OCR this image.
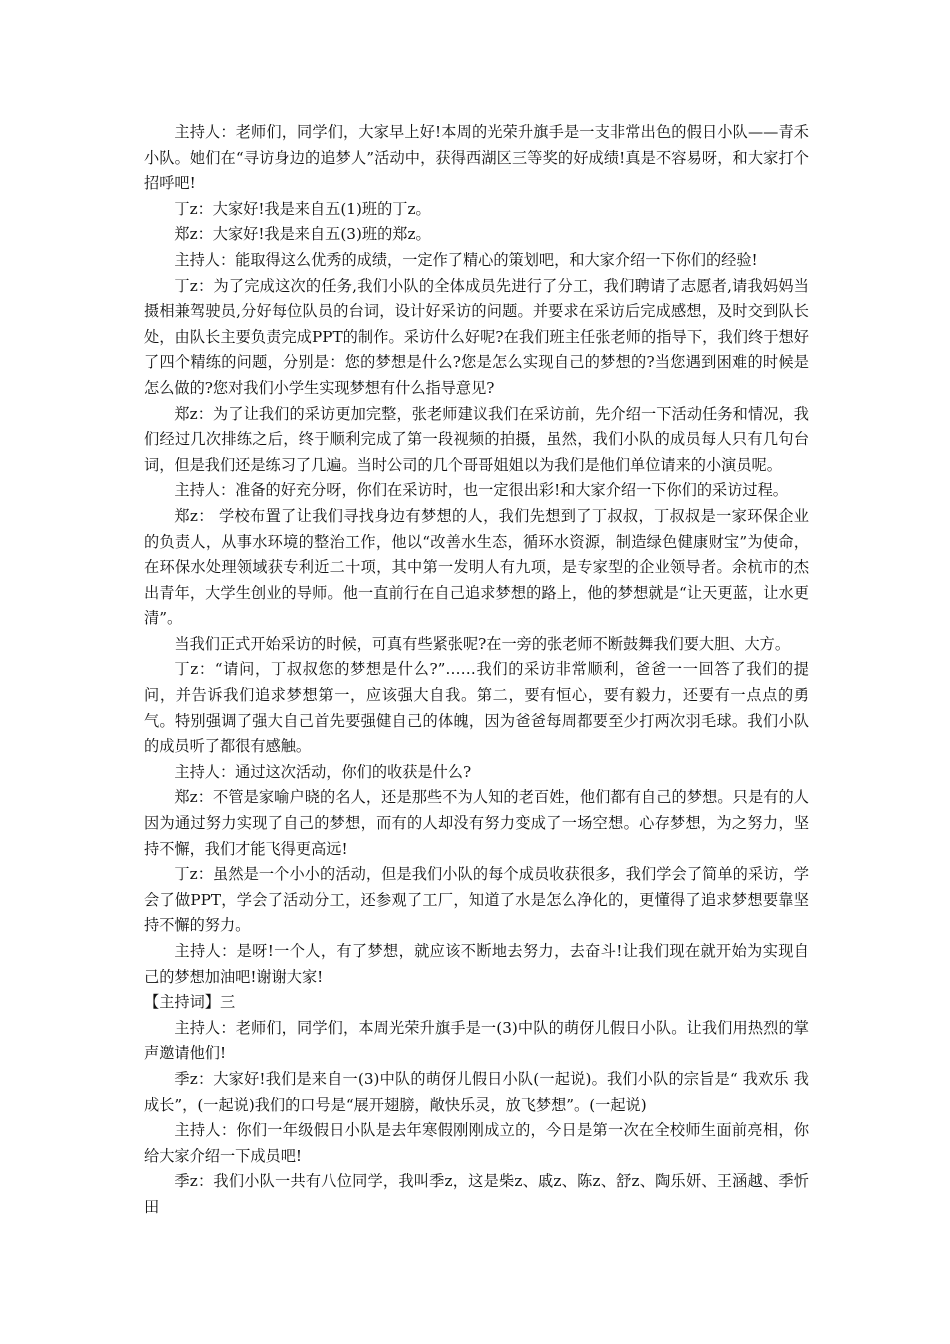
主持人：老师们，同学们，大家早上好!本周的光荣升旗手是一支非常出色的假日小队——青禾小队。她们在“寻访身边的追梦人”活动中，获得西湖区三等奖的好成绩!真是不容易呀，和大家打个招呼吧!

丁z：大家好!我是来自五(1)班的丁z。

郑z：大家好!我是来自五(3)班的郑z。

主持人：能取得这么优秀的成绩，一定作了精心的策划吧，和大家介绍一下你们的经验!

丁z：为了完成这次的任务,我们小队的全体成员先进行了分工，我们聘请了志愿者,请我妈妈当摄相兼驾驶员,分好每位队员的台词，设计好采访的问题。并要求在采访后完成感想，及时交到队长处，由队长主要负责完成PPT的制作。采访什么好呢?在我们班主任张老师的指导下，我们终于想好了四个精练的问题，分别是：您的梦想是什么?您是怎么实现自己的梦想的?当您遇到困难的时候是怎么做的?您对我们小学生实现梦想有什么指导意见?

郑z：为了让我们的采访更加完整，张老师建议我们在采访前，先介绍一下活动任务和情况，我们经过几次排练之后，终于顺利完成了第一段视频的拍摄，虽然，我们小队的成员每人只有几句台词，但是我们还是练习了几遍。当时公司的几个哥哥姐姐以为我们是他们单位请来的小演员呢。

主持人：准备的好充分呀，你们在采访时，也一定很出彩!和大家介绍一下你们的采访过程。

郑z： 学校布置了让我们寻找身边有梦想的人，我们先想到了丁叔叔，丁叔叔是一家环保企业的负责人，从事水环境的整治工作，他以“改善水生态，循环水资源，制造绿色健康财宝”为使命，在环保水处理领域获专利近二十项，其中第一发明人有九项，是专家型的企业领导者。余杭市的杰出青年，大学生创业的导师。他一直前行在自己追求梦想的路上，他的梦想就是“让天更蓝，让水更清”。

当我们正式开始采访的时候，可真有些紧张呢?在一旁的张老师不断鼓舞我们要大胆、大方。

丁z：“请问，丁叔叔您的梦想是什么?”……我们的采访非常顺利，爸爸一一回答了我们的提问，并告诉我们追求梦想第一，应该强大自我。第二，要有恒心，要有毅力，还要有一点点的勇气。特别强调了强大自己首先要强健自己的体魄，因为爸爸每周都要至少打两次羽毛球。我们小队的成员听了都很有感触。

主持人：通过这次活动，你们的收获是什么?

郑z：不管是家喻户晓的名人，还是那些不为人知的老百姓，他们都有自己的梦想。只是有的人因为通过努力实现了自己的梦想，而有的人却没有努力变成了一场空想。心存梦想，为之努力，坚持不懈，我们才能飞得更高远!

丁z：虽然是一个小小的活动，但是我们小队的每个成员收获很多，我们学会了简单的采访，学会了做PPT，学会了活动分工，还参观了工厂，知道了水是怎么净化的，更懂得了追求梦想要靠坚持不懈的努力。

主持人：是呀!一个人，有了梦想，就应该不断地去努力，去奋斗!让我们现在就开始为实现自己的梦想加油吧!谢谢大家!

【主持词】三

主持人：老师们，同学们，本周光荣升旗手是一(3)中队的萌伢儿假日小队。让我们用热烈的掌声邀请他们!

季z：大家好!我们是来自一(3)中队的萌伢儿假日小队(一起说)。我们小队的宗旨是“ 我欢乐 我成长”，(一起说)我们的口号是“展开翅膀，敞快乐灵，放飞梦想”。(一起说)

主持人：你们一年级假日小队是去年寒假刚刚成立的，今日是第一次在全校师生面前亮相，你给大家介绍一下成员吧!

季z：我们小队一共有八位同学，我叫季z，这是柴z、戚z、陈z、舒z、陶乐妍、王涵越、季忻田
